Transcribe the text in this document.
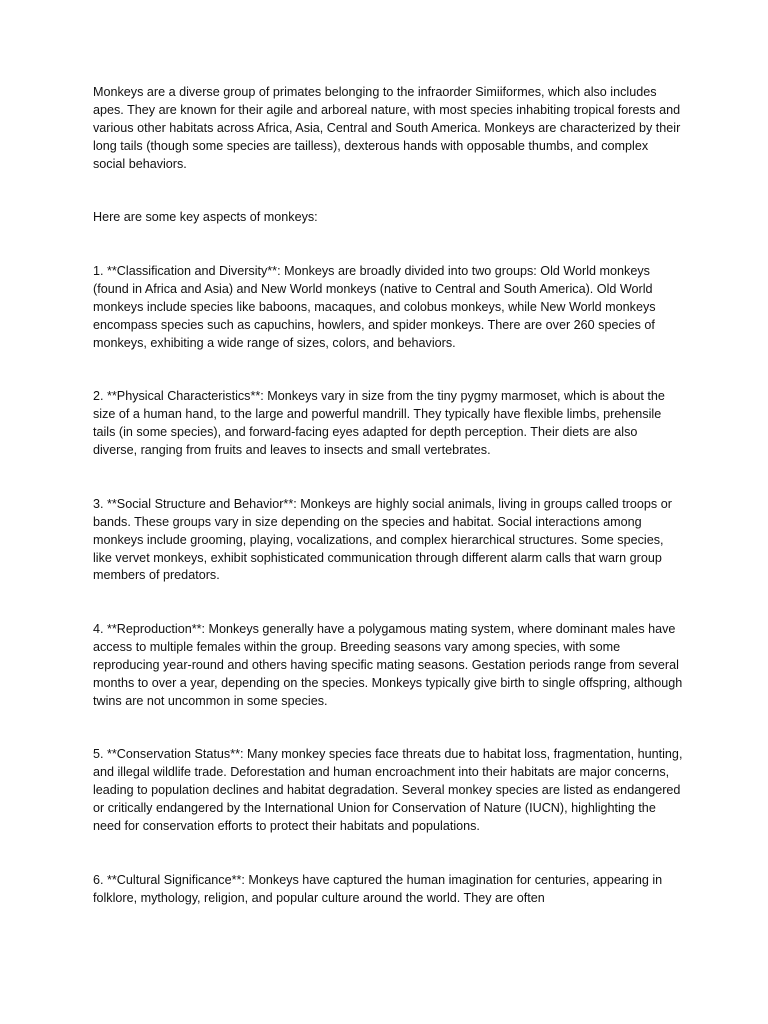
Monkeys are a diverse group of primates belonging to the infraorder Simiiformes, which also includes apes. They are known for their agile and arboreal nature, with most species inhabiting tropical forests and various other habitats across Africa, Asia, Central and South America. Monkeys are characterized by their long tails (though some species are tailless), dexterous hands with opposable thumbs, and complex social behaviors.

Here are some key aspects of monkeys:

1. **Classification and Diversity**: Monkeys are broadly divided into two groups: Old World monkeys (found in Africa and Asia) and New World monkeys (native to Central and South America). Old World monkeys include species like baboons, macaques, and colobus monkeys, while New World monkeys encompass species such as capuchins, howlers, and spider monkeys. There are over 260 species of monkeys, exhibiting a wide range of sizes, colors, and behaviors.

2. **Physical Characteristics**: Monkeys vary in size from the tiny pygmy marmoset, which is about the size of a human hand, to the large and powerful mandrill. They typically have flexible limbs, prehensile tails (in some species), and forward-facing eyes adapted for depth perception. Their diets are also diverse, ranging from fruits and leaves to insects and small vertebrates.

3. **Social Structure and Behavior**: Monkeys are highly social animals, living in groups called troops or bands. These groups vary in size depending on the species and habitat. Social interactions among monkeys include grooming, playing, vocalizations, and complex hierarchical structures. Some species, like vervet monkeys, exhibit sophisticated communication through different alarm calls that warn group members of predators.

4. **Reproduction**: Monkeys generally have a polygamous mating system, where dominant males have access to multiple females within the group. Breeding seasons vary among species, with some reproducing year-round and others having specific mating seasons. Gestation periods range from several months to over a year, depending on the species. Monkeys typically give birth to single offspring, although twins are not uncommon in some species.

5. **Conservation Status**: Many monkey species face threats due to habitat loss, fragmentation, hunting, and illegal wildlife trade. Deforestation and human encroachment into their habitats are major concerns, leading to population declines and habitat degradation. Several monkey species are listed as endangered or critically endangered by the International Union for Conservation of Nature (IUCN), highlighting the need for conservation efforts to protect their habitats and populations.

6. **Cultural Significance**: Monkeys have captured the human imagination for centuries, appearing in folklore, mythology, religion, and popular culture around the world. They are often
